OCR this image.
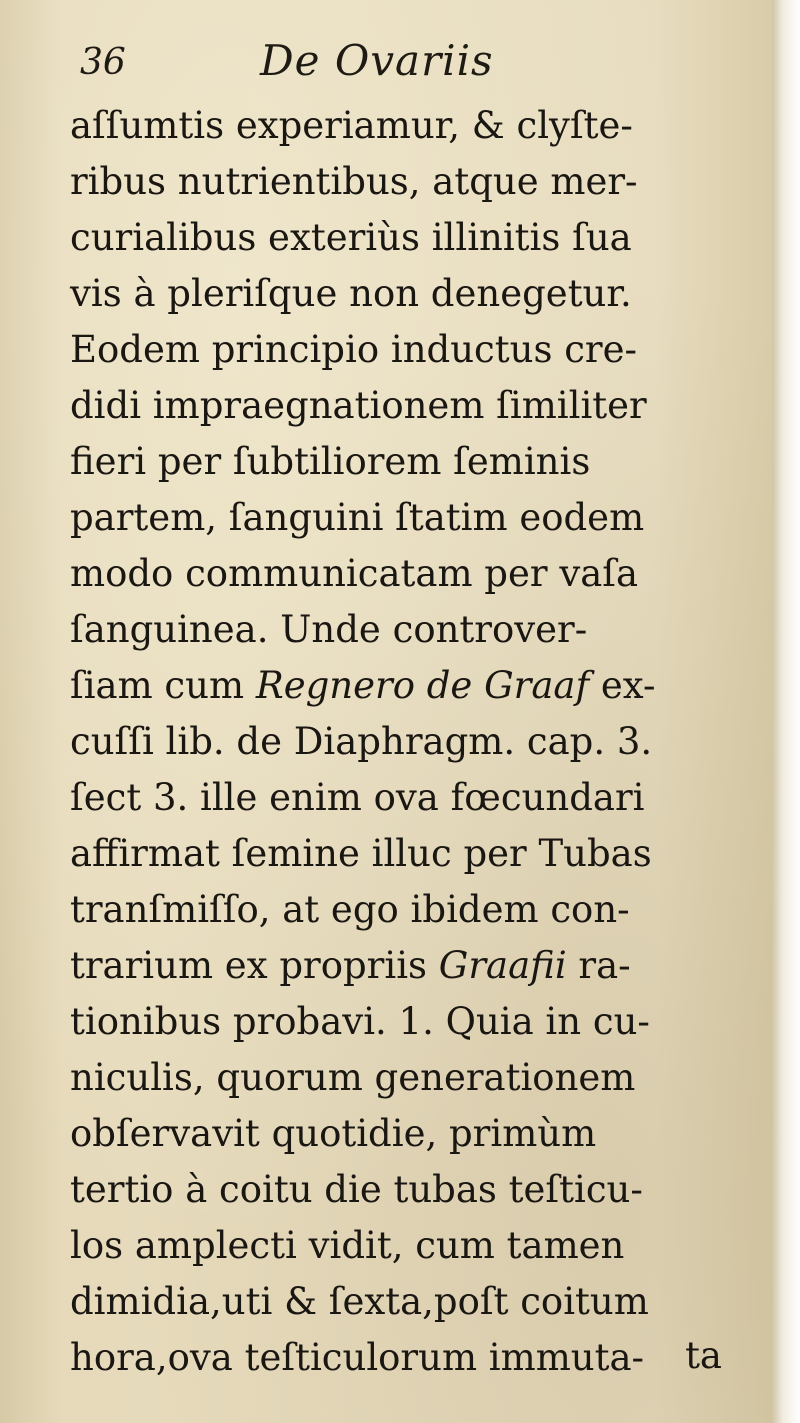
36	De Ovariis
aſſumtis experiamur, & clyſte-
ribus nutrientibus, atque mer-
curialibus exteriùs illinitis ſua
vis à pleriſque non denegetur.
Eodem principio inductus cre-
didi impraegnationem ſimiliter
fieri per ſubtiliorem ſeminis
partem, ſanguini ſtatim eodem
modo communicatam per vaſa
ſanguinea. Unde controver-
ſiam cum Regnero de Graaf ex-
cuſſi lib. de Diaphragm. cap. 3.
ſect 3. ille enim ova fœcundari
affirmat ſemine illuc per Tubas
tranſmiſſo, at ego ibidem con-
trarium ex propriis Graafii ra-
tionibus probavi. 1. Quia in cu-
niculis, quorum generationem
obſervavit quotidie, primùm
tertio à coitu die tubas teſticu-
los amplecti vidit, cum tamen
dimidia,uti & ſexta,poſt coitum
hora,ova teſticulorum immuta-	ta
